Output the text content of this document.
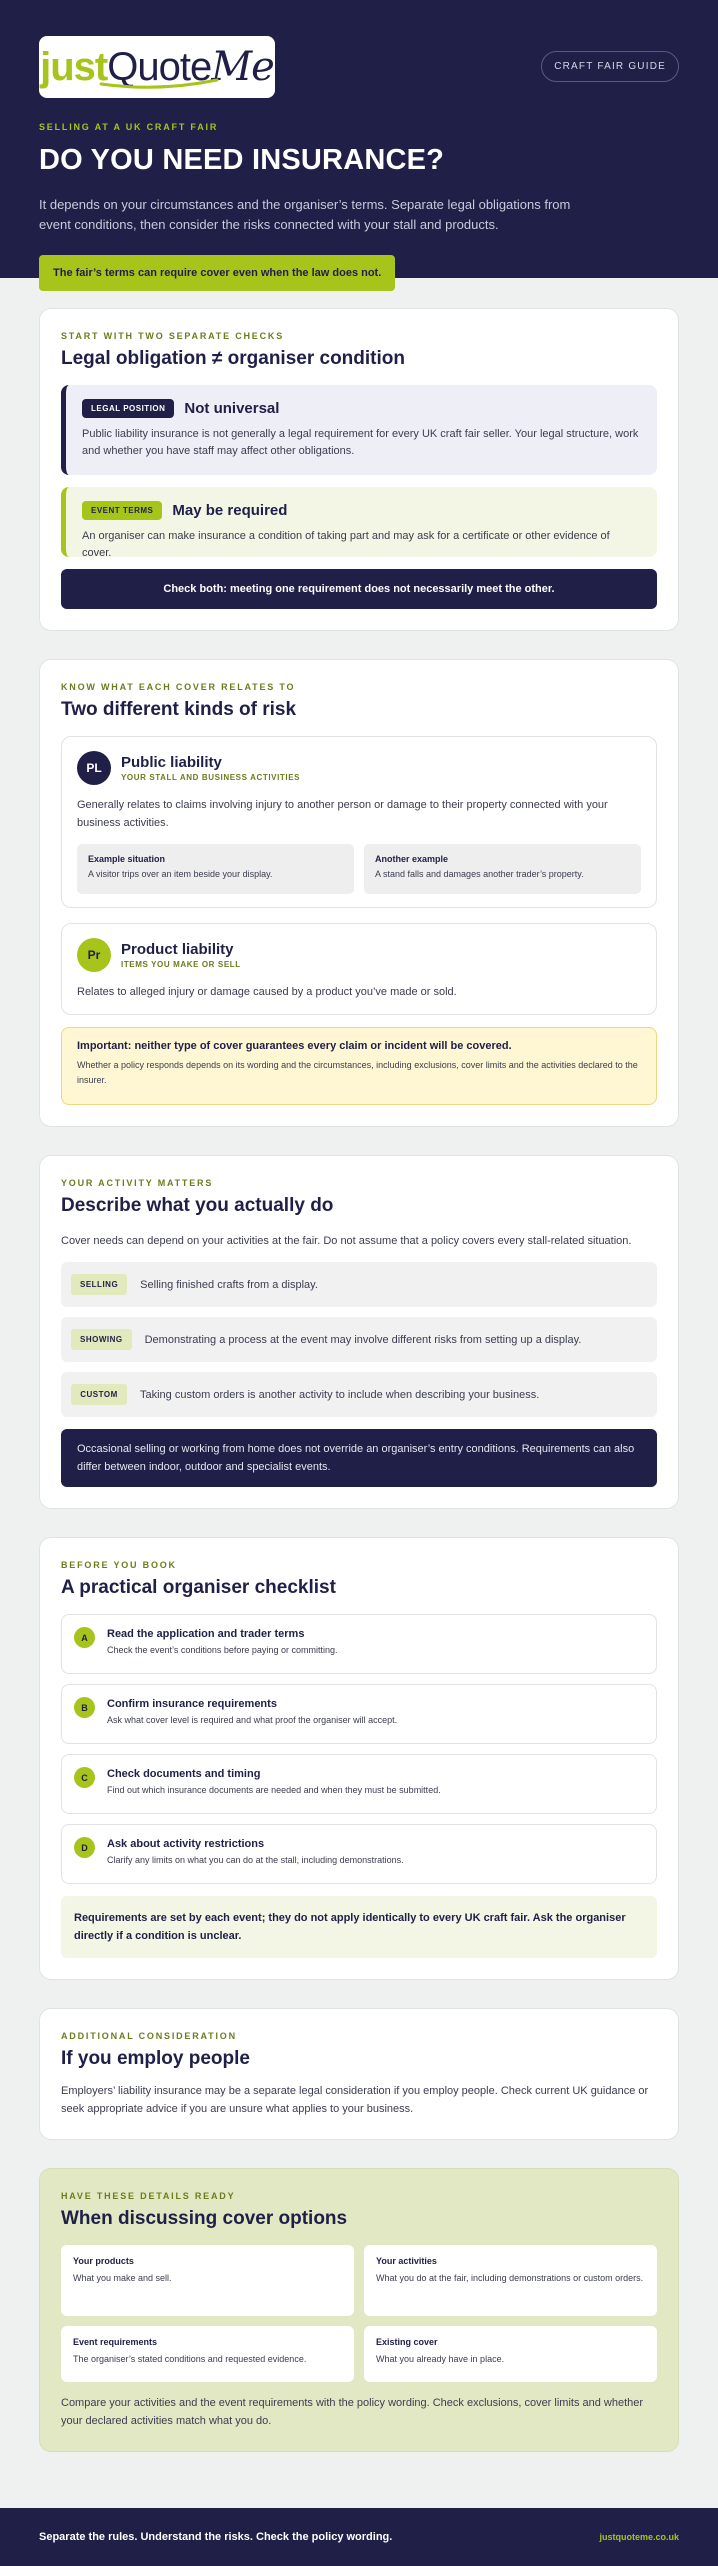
just Quote Me	CRAFT FAIR GUIDE
SELLING AT A UK CRAFT FAIR
DO YOU NEED INSURANCE?

It depends on your circumstances and the organiser’s terms. Separate legal obligations from event conditions, then consider the risks connected with your stall and products.

The fair’s terms can require cover even when the law does not.
START WITH TWO SEPARATE CHECKS
Legal obligation ≠ organiser condition
LEGAL POSITION	Not universal

Public liability insurance is not generally a legal requirement for every UK craft fair seller. Your legal structure, work and whether you have staff may affect other obligations.

EVENT TERMS	May be required

An organiser can make insurance a condition of taking part and may ask for a certificate or other evidence of cover.

Check both: meeting one requirement does not necessarily meet the other.
KNOW WHAT EACH COVER RELATES TO
Two different kinds of risk
PL	Public liability
YOUR STALL AND BUSINESS ACTIVITIES

Generally relates to claims involving injury to another person or damage to their property connected with your business activities.

Example situation
A visitor trips over an item beside your display.
Another example
A stand falls and damages another trader’s property.
Pr	Product liability
ITEMS YOU MAKE OR SELL

Relates to alleged injury or damage caused by a product you’ve made or sold.

Important: neither type of cover guarantees every claim or incident will be covered.

Whether a policy responds depends on its wording and the circumstances, including exclusions, cover limits and the activities declared to the insurer.

YOUR ACTIVITY MATTERS
Describe what you actually do

Cover needs can depend on your activities at the fair. Do not assume that a policy covers every stall-related situation.

SELLING	Selling finished crafts from a display.
SHOWING	Demonstrating a process at the event may involve different risks from setting up a display.
CUSTOM	Taking custom orders is another activity to include when describing your business.
Occasional selling or working from home does not override an organiser’s entry conditions. Requirements can also differ between indoor, outdoor and specialist events.
BEFORE YOU BOOK
A practical organiser checklist
A	Read the application and trader terms
Check the event’s conditions before paying or committing.
B	Confirm insurance requirements
Ask what cover level is required and what proof the organiser will accept.
C	Check documents and timing
Find out which insurance documents are needed and when they must be submitted.
D	Ask about activity restrictions
Clarify any limits on what you can do at the stall, including demonstrations.
Requirements are set by each event; they do not apply identically to every UK craft fair. Ask the organiser directly if a condition is unclear.
ADDITIONAL CONSIDERATION
If you employ people

Employers’ liability insurance may be a separate legal consideration if you employ people. Check current UK guidance or seek appropriate advice if you are unsure what applies to your business.

HAVE THESE DETAILS READY
When discussing cover options
Your products
What you make and sell.
Your activities
What you do at the fair, including demonstrations or custom orders.
Event requirements
The organiser’s stated conditions and requested evidence.
Existing cover
What you already have in place.

Compare your activities and the event requirements with the policy wording. Check exclusions, cover limits and whether your declared activities match what you do.

Separate the rules. Understand the risks. Check the policy wording.	justquoteme.co.uk
